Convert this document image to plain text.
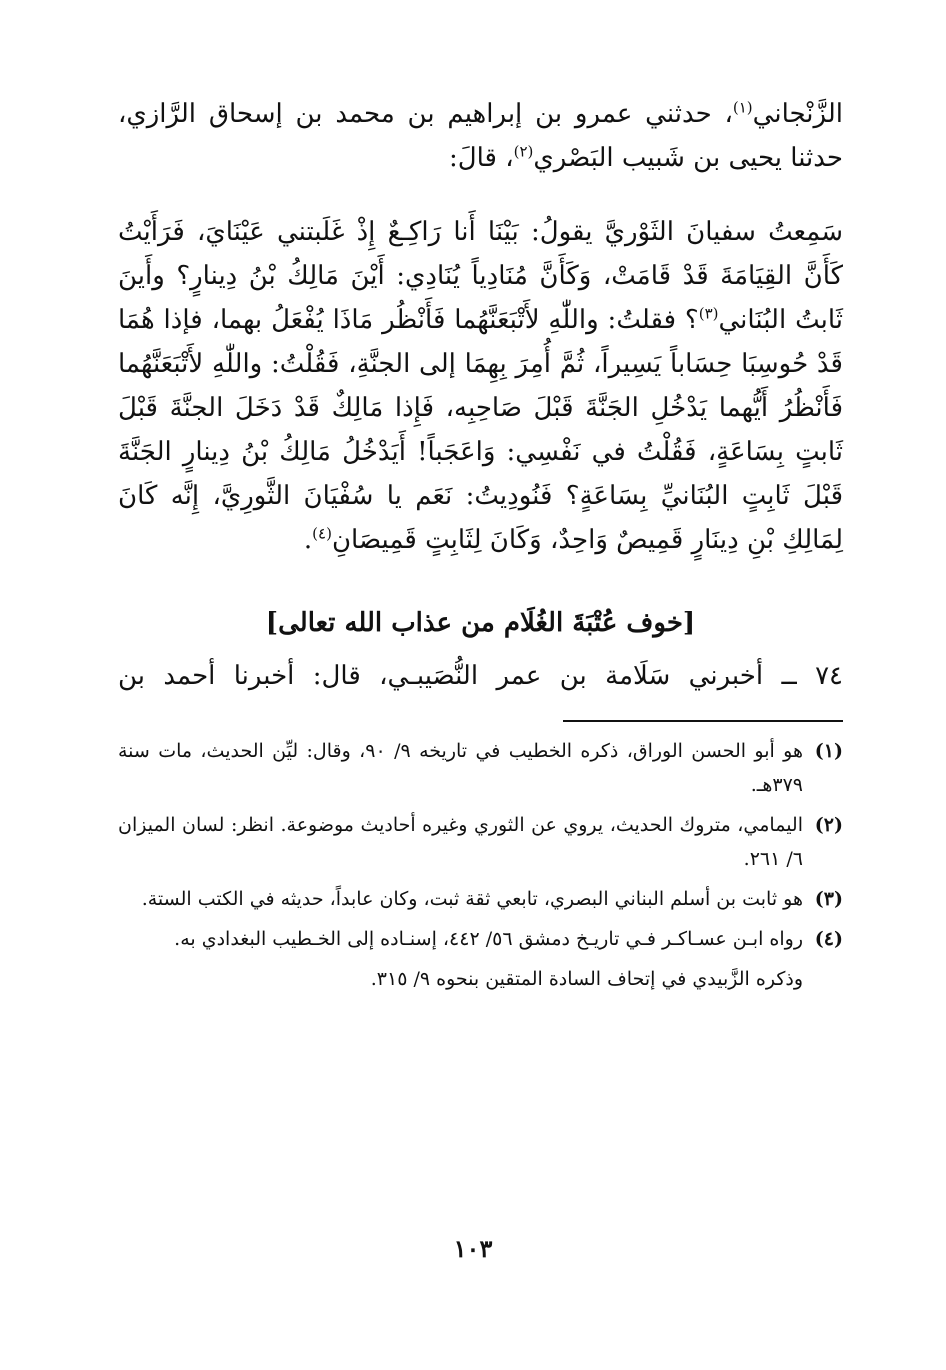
الزَّنْجاني$^{(١)}$، حدثني عمرو بن إبراهيم بن محمد بن إسحاق الرَّازي، حدثنا يحيى بن شَبيب البَصْري$^{(٢)}$، قالَ:

سَمِعتُ سفيانَ الثَوْريَّ يقولُ: بَيْنَا أَنا رَاكِـعٌ إِذْ غَلَبتني عَيْنَايَ، فَرَأَيْتُ كَأَنَّ القِيَامَةَ قَدْ قَامَتْ، وَكَأَنَّ مُنَادِياً يُنَادِي: أَيْنَ مَالِكُ بْنُ دِينارٍ؟ وأَينَ ثَابتُ البُنَاني$^{(٣)}$؟ فقلتُ: واللّٰهِ لأَتْبَعَنَّهُما فَأَنْظُر مَاذَا يُفْعَلُ بهما، فإذا هُمَا قَدْ حُوسِبَا حِسَاباً يَسِيراً، ثُمَّ أُمِرَ بِهِمَا إلى الجنَّةِ، فَقُلْتُ: واللّٰهِ لأَتْبَعَنَّهُما فَأَنْظُرُ أَيُّهما يَدْخُلِ الجَنَّةَ قَبْلَ صَاحِبِه، فَإِذا مَالِكٌ قَدْ دَخَلَ الجنَّةَ قَبْلَ ثَابتٍ بِسَاعَةٍ، فَقُلْتُ في نَفْسِي: وَاعَجَباً! أَيَدْخُلُ مَالِكُ بْنُ دِينارٍ الجَنَّةَ قَبْلَ ثَابِتٍ البُنَانيِّ بِسَاعَةٍ؟ فَنُودِيتُ: نَعَم يا سُفْيَانَ الثَّورِيَّ، إِنَّه كَانَ لِمَالِكِ بْنِ دِينَارٍ قَمِيصٌ وَاحِدٌ، وَكَانَ لِثَابِتٍ قَمِيصَانِ$^{(٤)}$.

[خوف عُتْبَةَ الغُلَام من عذاب الله تعالى]

٧٤ ــ أخبرني سَلَامة بن عمر النُّصَيبـي، قال: أخبرنا أحمد بن

(١)
هو أبو الحسن الوراق، ذكره الخطيب في تاريخه ٩/ ٩٠، وقال: ليِّن الحديث، مات سنة ٣٧٩هـ.
(٢)
اليمامي، متروك الحديث، يروي عن الثوري وغيره أحاديث موضوعة. انظر: لسان الميزان ٦/ ٢٦١.
(٣)
هو ثابت بن أسلم البناني البصري، تابعي ثقة ثبت، وكان عابداً، حديثه في الكتب الستة.
(٤)
رواه ابـن عسـاكـر فـي تاريـخ دمشق ٥٦/ ٤٤٢، إسنـاده إلى الخـطيب البغدادي به.

وذكره الزَّبيدي في إتحاف السادة المتقين بنحوه ٩/ ٣١٥.

١٠٣
